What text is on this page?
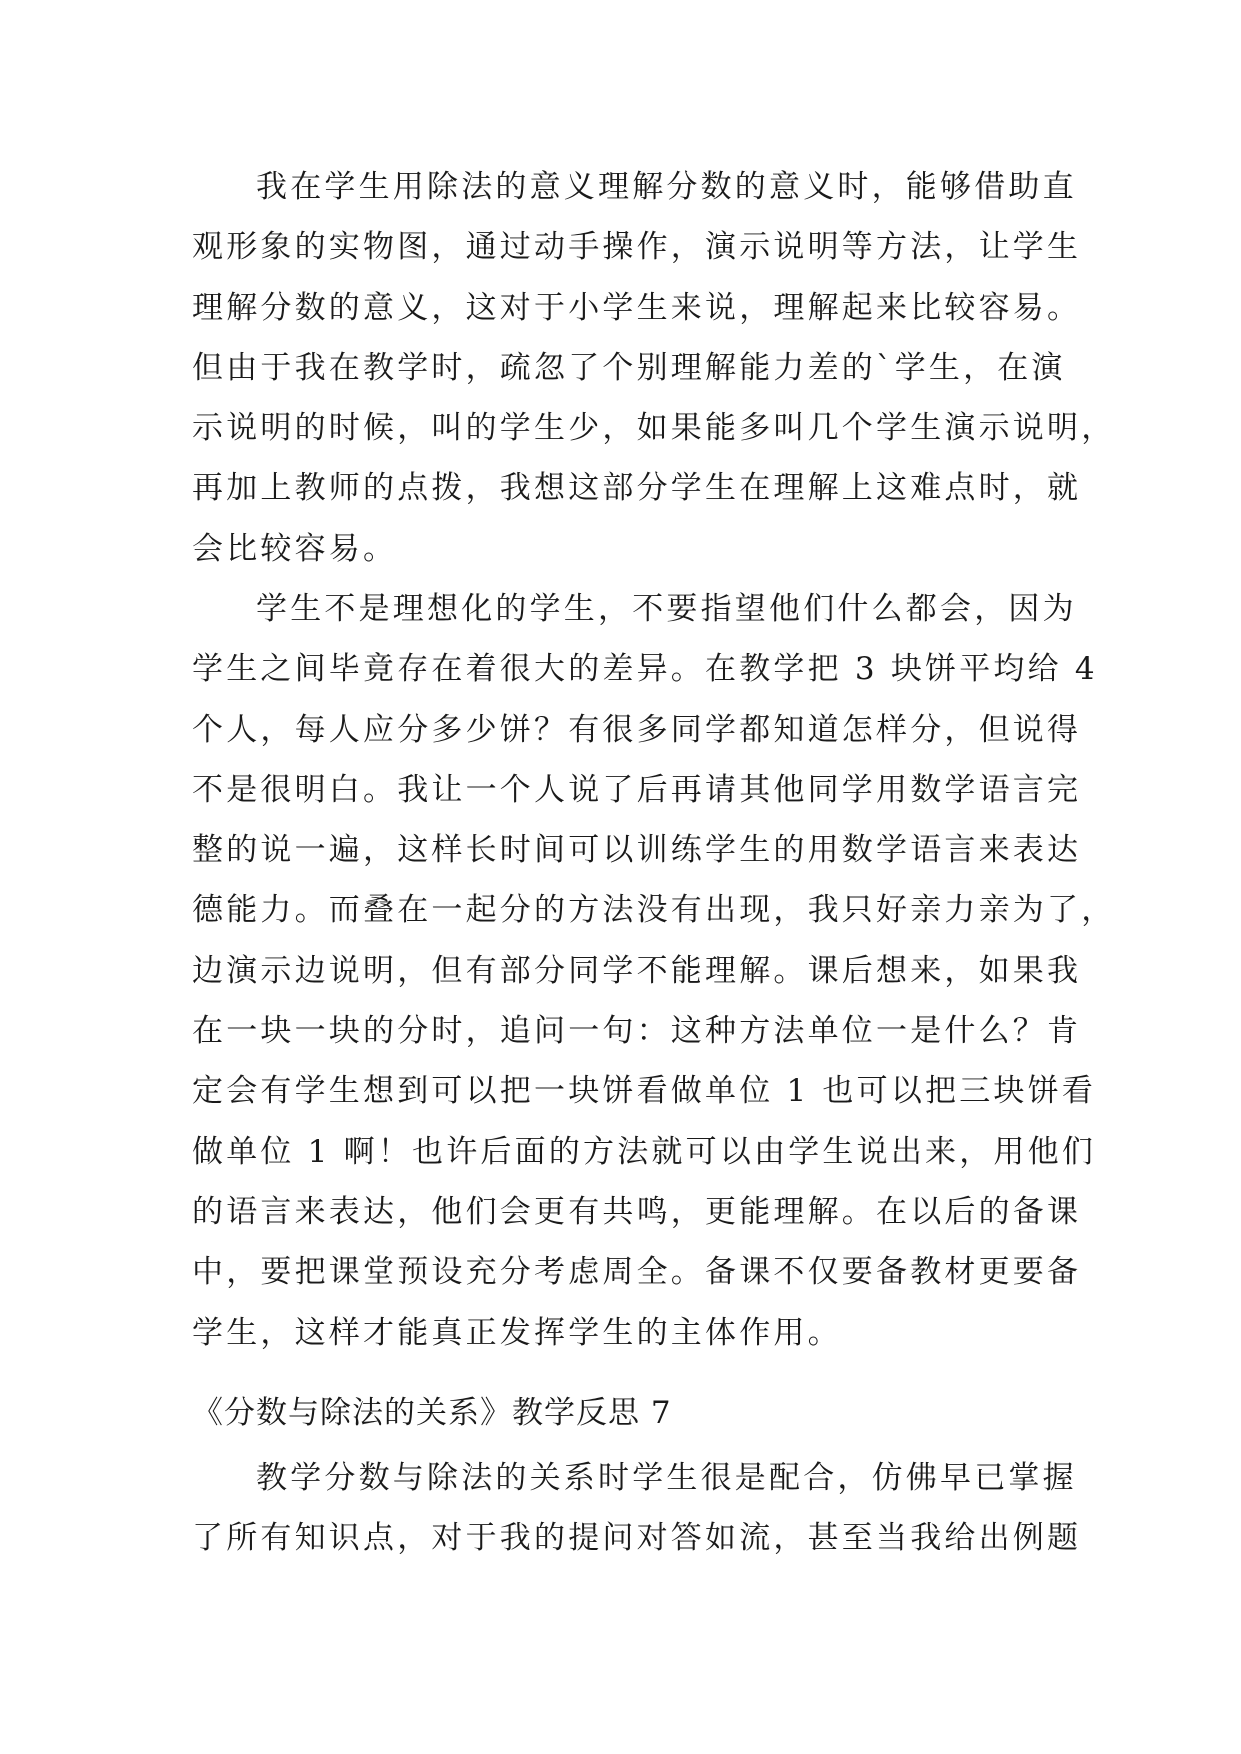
我在学生用除法的意义理解分数的意义时，能够借助直
观形象的实物图，通过动手操作，演示说明等方法，让学生
理解分数的意义，这对于小学生来说，理解起来比较容易。
但由于我在教学时，疏忽了个别理解能力差的`学生，在演
示说明的时候，叫的学生少，如果能多叫几个学生演示说明，
再加上教师的点拨，我想这部分学生在理解上这难点时，就
会比较容易。
学生不是理想化的学生，不要指望他们什么都会，因为
学生之间毕竟存在着很大的差异。在教学把 3 块饼平均给 4
个人，每人应分多少饼？有很多同学都知道怎样分，但说得
不是很明白。我让一个人说了后再请其他同学用数学语言完
整的说一遍，这样长时间可以训练学生的用数学语言来表达
德能力。而叠在一起分的方法没有出现，我只好亲力亲为了，
边演示边说明，但有部分同学不能理解。课后想来，如果我
在一块一块的分时，追问一句：这种方法单位一是什么？肯
定会有学生想到可以把一块饼看做单位 1 也可以把三块饼看
做单位 1 啊！也许后面的方法就可以由学生说出来，用他们
的语言来表达，他们会更有共鸣，更能理解。在以后的备课
中，要把课堂预设充分考虑周全。备课不仅要备教材更要备
学生，这样才能真正发挥学生的主体作用。
《分数与除法的关系》教学反思 7
教学分数与除法的关系时学生很是配合，仿佛早已掌握
了所有知识点，对于我的提问对答如流，甚至当我给出例题
